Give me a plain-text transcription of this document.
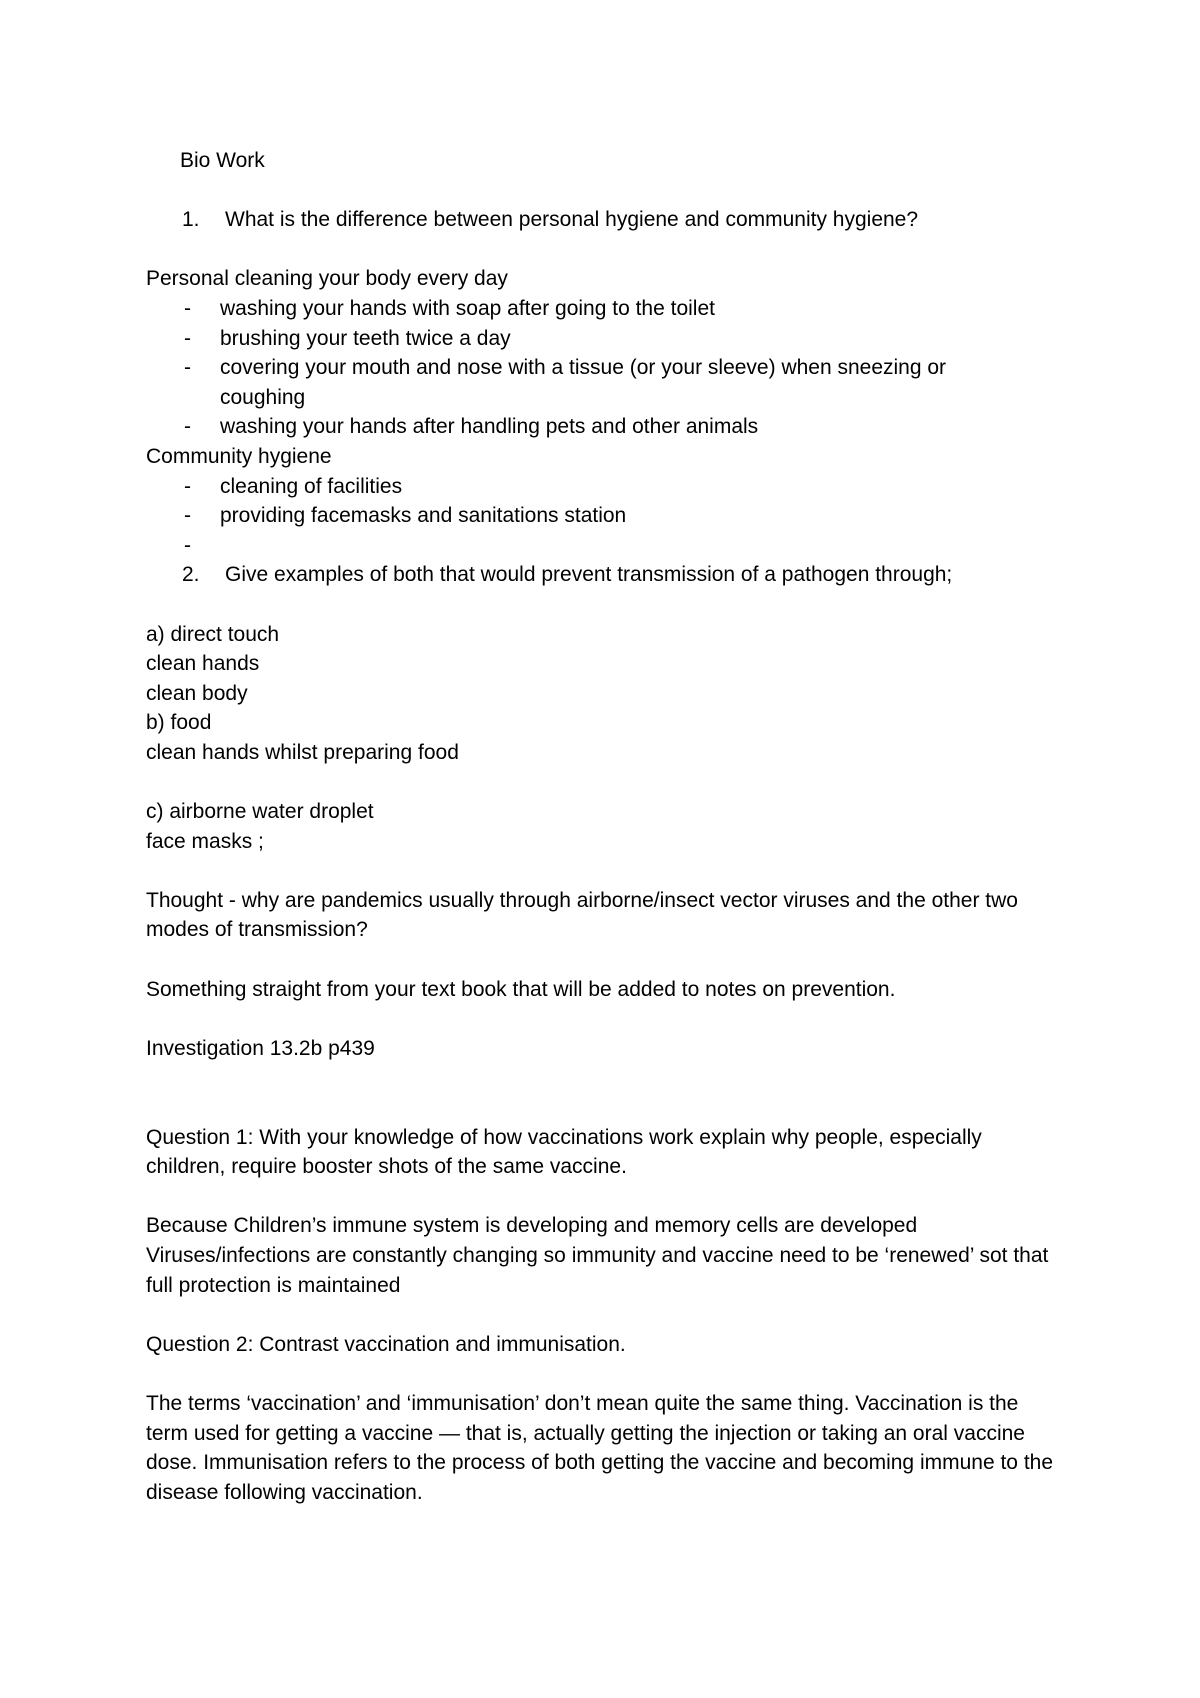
Bio Work

1.	What is the difference between personal hygiene and community hygiene?

Personal cleaning your body every day

-	washing your hands with soap after going to the toilet
-	brushing your teeth twice a day
-	covering your mouth and nose with a tissue (or your sleeve) when sneezing or coughing
-	washing your hands after handling pets and other animals

Community hygiene

-	cleaning of facilities
-	providing facemasks and sanitations station
-
2.	Give examples of both that would prevent transmission of a pathogen through;

a) direct touch

clean hands

clean body

b) food

clean hands whilst preparing food

c) airborne water droplet

face masks ;

Thought - why are pandemics usually through airborne/insect vector viruses and the other two modes of transmission?

Something straight from your text book that will be added to notes on prevention.

Investigation 13.2b p439

Question 1: With your knowledge of how vaccinations work explain why people, especially children, require booster shots of the same vaccine.

Because Children’s immune system is developing and memory cells are developed

Viruses/infections are constantly changing so immunity and vaccine need to be ‘renewed’ sot that full protection is maintained

Question 2: Contrast vaccination and immunisation.

The terms ‘vaccination’ and ‘immunisation’ don’t mean quite the same thing. Vaccination is the term used for getting a vaccine — that is, actually getting the injection or taking an oral vaccine dose. Immunisation refers to the process of both getting the vaccine and becoming immune to the disease following vaccination.
